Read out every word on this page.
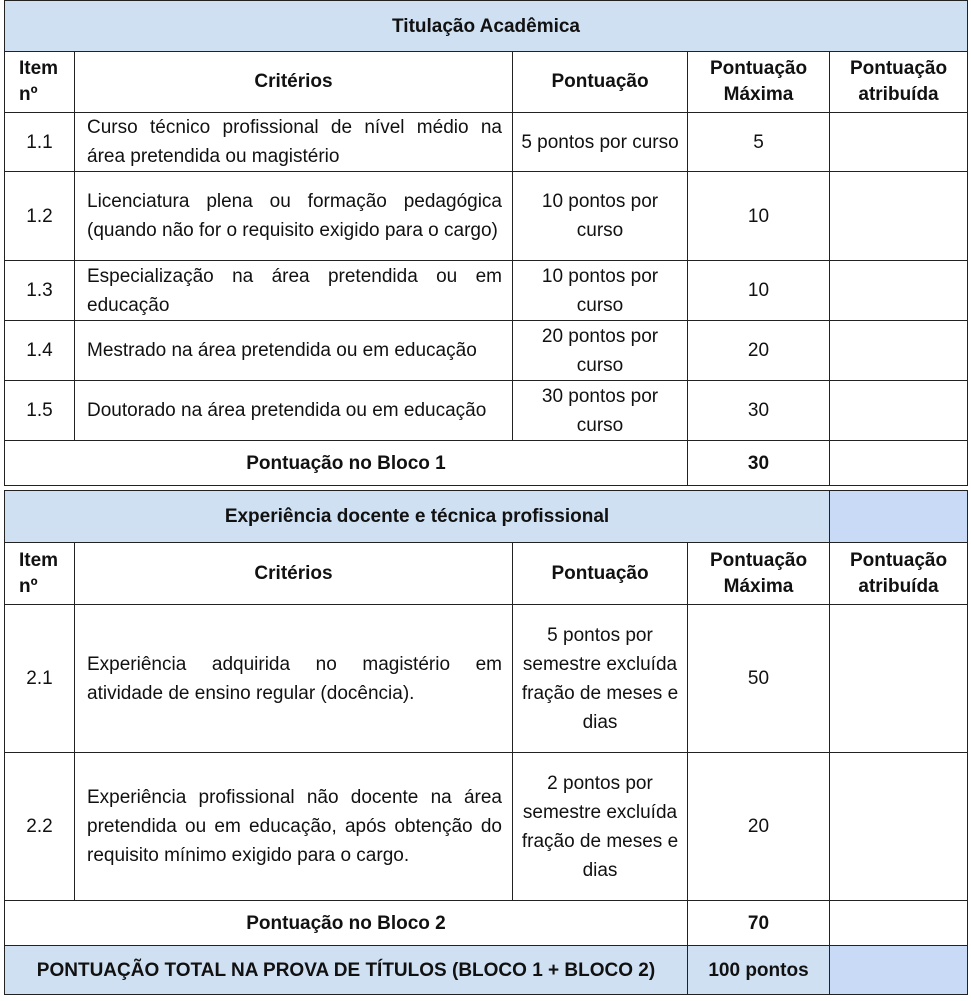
Titulação Acadêmica				
Item nº	Critérios	Pontuação	Pontuação Máxima	Pontuação atribuída
1.1	Curso técnico profissional de nível médio na área pretendida ou magistério	5 pontos por curso	5	
1.2	Licenciatura plena ou formação pedagógica (quando não for o requisito exigido para o cargo)	10 pontos por curso	10	
1.3	Especialização na área pretendida ou em educação	10 pontos por curso	10	
1.4	Mestrado na área pretendida ou em educação	20 pontos por curso	20	
1.5	Doutorado na área pretendida ou em educação	30 pontos por curso	30	
Pontuação no Bloco 1			30	

Experiência docente e técnica profissional				
Item nº	Critérios	Pontuação	Pontuação Máxima	Pontuação atribuída
2.1	Experiência adquirida no magistério em atividade de ensino regular (docência).	5 pontos por semestre excluída fração de meses e dias	50	
2.2	Experiência profissional não docente na área pretendida ou em educação, após obtenção do requisito mínimo exigido para o cargo.	2 pontos por semestre excluída fração de meses e dias	20	
Pontuação no Bloco 2			70	
PONTUAÇÃO TOTAL NA PROVA DE TÍTULOS (BLOCO 1 + BLOCO 2)			100 pontos	
